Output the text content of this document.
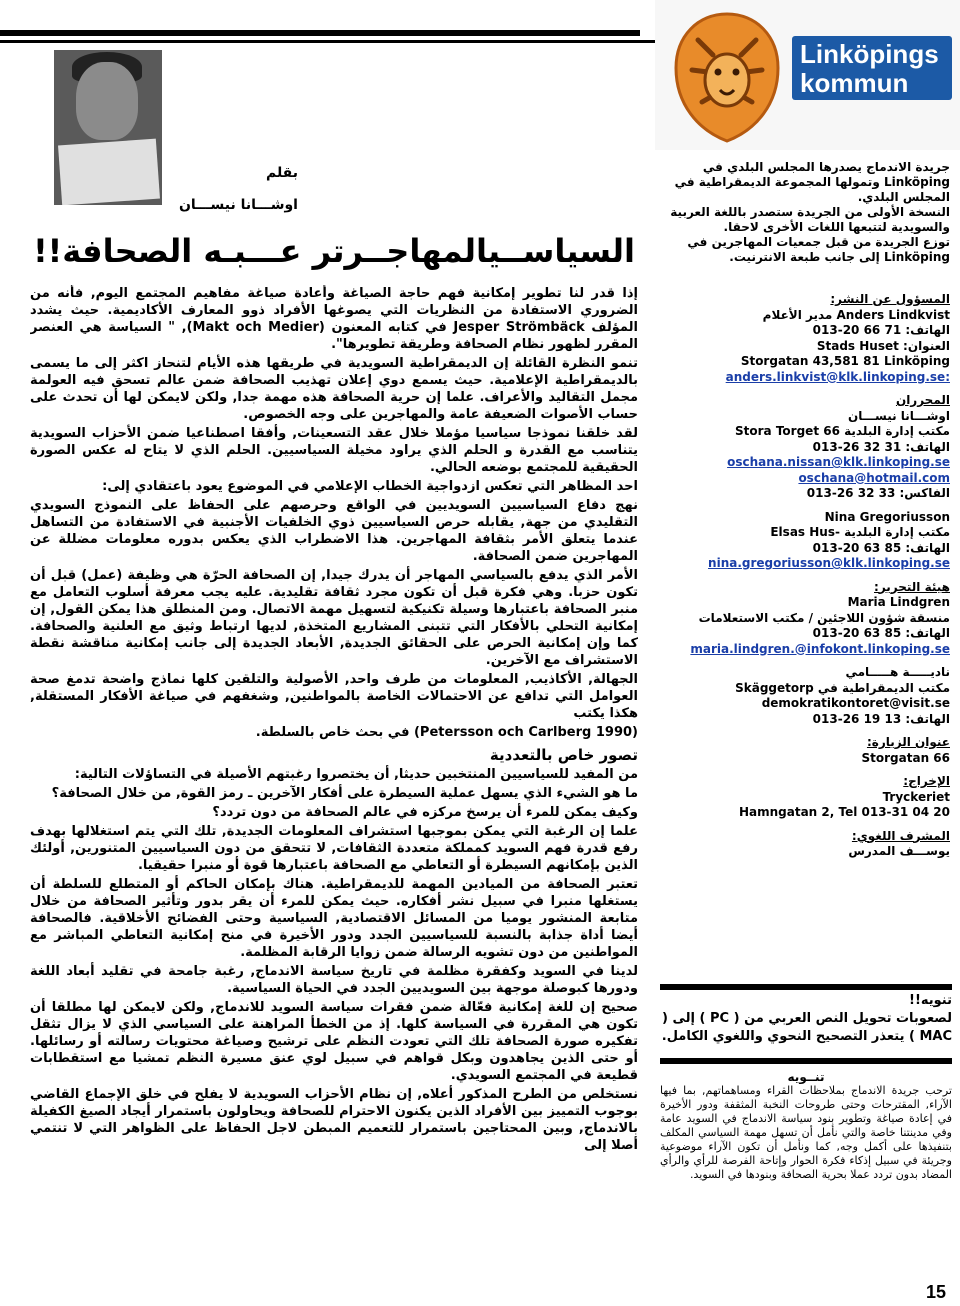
بقلم
اوشـــانا نيســـان
السياســيالمهاجــرتر عـــبـه الصحافة!!

إذا قدر لنا تطوير إمكانية فهم حاجة الصياغة وأعادة صياغة مفاهيم المجتمع اليوم, فأنه من الضروري الاستفادة من النظريات التي يصوغها الأفراد ذوو المعارف الأكاديمية. حيث يشدد المؤلف Jesper Strömbäck في كتابه المعنون (Makt och Medier), " السياسة هي العنصر المقرر لظهور نظام الصحافة وطريقة تطويرها".

تنمو النظرة القائلة إن الديمقراطية السويدية في طريقها هذه الأيام لتنحاز اكثر إلى ما يسمى بالديمقراطية الإعلامية. حيث يسمع دوي إعلان تهذيب الصحافة ضمن عالم تسحق فيه العولمة مجمل التقاليد والأعراف. علما إن حرية الصحافة هذه مهمة جدا, ولكن لايمكن لها أن تحدث على حساب الأصوات الضعيفة عامة والمهاجرين على وجه الخصوص.

لقد خلقنا نموذجا سياسيا مؤملا خلال عقد التسعينات, وأفقا اصطناعيا ضمن الأحزاب السويدية يتناسب مع القدرة و الحلم الذي يراود مخيلة السياسيين. الحلم الذي لا يتاح له عكس الصورة الحقيقية للمجتمع بوضعه الحالي.

احد المظاهر التي تعكس ازدواجية الخطاب الإعلامي في الموضوع يعود باعتقادي إلى:

نهج دفاع السياسيين السويديين في الواقع وحرصهم على الحفاظ على النموذج السويدي التقليدي من جهة, يقابله حرص السياسيين ذوي الخلفيات الأجنبية في الاستفادة من التساهل عندما يتعلق الأمر بثقافة المهاجرين. هذا الاضطراب الذي يعكس بدوره معلومات مضللة عن المهاجرين ضمن الصحافة.

الأمر الذي يدفع بالسياسي المهاجر أن يدرك جيدا, إن الصحافة الحرّة هي وظيفة (عمل) قبل أن تكون حزبا. وهي فكرة قبل أن تكون مجرد ثقافة تقليدية. عليه يجب معرفة أسلوب التعامل مع منبر الصحافة باعتبارها وسيلة تكنيكية لتسهيل مهمة الاتصال. ومن المنطلق هذا يمكن القول, إن إمكانية التحلي بالأفكار التي تتبنى المشاريع المتخذة, لديها ارتباط وثيق مع العلنية والصحافة. كما وإن إمكانية الحرص على الحقائق الجديدة, الأبعاد الجديدة إلى جانب إمكانية مناقشة نقطة الاستشراف مع الآخرين.

الجهالة, الأكاذيب, المعلومات من طرف واحد, الأصولية والتلقين كلها نماذج واضحة تدمغ صحة العوامل التي تدافع عن الاحتمالات الخاصة بالمواطنين, وشغفهم في صياغة الأفكار المستقلة, هكذا يكتب

(Petersson och Carlberg 1990) في بحث خاص بالسلطة.

تصور خاص بالتعددية

من المفيد للسياسيين المنتخبين حديثا, أن يختصروا رغبتهم الأصيلة في التساؤلات التالية:

ما هو الشيء الذي يسهل عملية السيطرة على أفكار الآخرين ـ رمز القوة, من خلال الصحافة؟

وكيف يمكن للمرء أن يرسخ مركزه في عالم الصحافة من دون تردد؟

علما إن الرغبة التي يمكن بموجبها استشراف المعلومات الجديدة, تلك التي يتم استغلالها بهدف رفع قدرة فهم السويد كمملكة متعددة الثقافات, لا تتحقق من دون السياسيين المتنورين, أولئك الذين بإمكانهم السيطرة أو التعاطي مع الصحافة باعتبارها قوة أو منبرا حقيقيا.

تعتبر الصحافة من الميادين المهمة للديمقراطية. هناك بإمكان الحاكم أو المتطلع للسلطة أن يستغلها منبرا في سبيل نشر أفكاره. حيث يمكن للمرء أن يقر بدور وتأثير الصحافة من خلال متابعة المنشور يوميا من المسائل الاقتصادية, السياسية وحتى الفضائح الأخلاقية. فالصحافة أيضا أداة جذابة بالنسبة للسياسيين الجدد ودور الأخيرة في منح إمكانية التعاطي المباشر مع المواطنين من دون تشويه الرسالة ضمن زوايا الرقابة المظلمة.

لدينا في السويد وكفقرة مظلمة في تاريخ سياسة الاندماج, رغبة جامحة في تقليد أبعاد اللغة ودورها كبوصلة موجهة بين السويديين الجدد في الحياة السياسية.

صحيح إن للغة إمكانية فعّالة ضمن فقرات سياسة السويد للاندماج, ولكن لايمكن لها مطلقا أن تكون هي المقررة في السياسة كلها. إذ من الخطأ المراهنة على السياسي الذي لا يزال تثقل تفكيره صورة الصحافة تلك التي تعودت النظم على ترشيح وصياغة محتويات رسالته أو رسائلها. أو حتى الذين يجاهدون وبكل قواهم في سبيل لوي عنق مسيرة النظم تمشيا مع استقطابات قطيعة في المجتمع السويدي.

نستخلص من الطرح المذكور أعلاه, إن نظام الأحزاب السويدية لا يفلح في خلق الإجماع القاضي بوجوب التمييز بين الأفراد الذين يكنون الاحترام للصحافة ويحاولون باستمرار أيجاد الصيغ الكفيلة بالاندماج, وبين المحتاجين باستمرار للتعميم المبطن لاجل الحفاظ على الظواهر التي لا تنتمي أصلا إلى

Linköpings
kommun
جريدة الاندماج يصدرها المجلس البلدي في Linköping وتمولها المجموعة الديمقراطية في المجلس البلدي.
النسخة الأولى من الجريدة ستصدر باللغة العربية والسويدية لتتبعها اللغات الأخرى لاحقا.
توزع الجريدة من قبل جمعيات المهاجرين في Linköping إلى جانب طبعة الانترنيت.
المسؤول عن النشر:
Anders Lindkvist مدير الأعلام
الهاتف: 71 66 20-013
العنوان: Stads Huset
Storgatan 43,581 81 Linköping
anders.linkvist@klk.linkoping.se:
المحرران
اوشـــانا نيســـان
مكتب إدارة البلدية Stora Torget 66
الهاتف: 31 32 26-013
oschana.nissan@klk.linkoping.se
oschana@hotmail.com
الفاكس: 33 32 26-013
Nina Gregoriusson
مكتب إدارة البلدية -Elsas Hus
الهاتف: 85 63 20-013
nina.gregoriusson@klk.linkoping.se
هيئة التحرير:
Maria Lindgren
منسقة شؤون اللاجئين / مكتب الاستعلامات
الهاتف: 85 63 20-013
maria.lindgren.@infokont.linkoping.se
ناديـــــة هـــــامي
مكتب الديمقراطية في Skäggetorp
demokratikontoret@visit.se
الهاتف: 13 19 26-013
عنوان الزيارة:
Storgatan 66
الإخراج:
Tryckeriet
Hamngatan 2, Tel 013-31 04 20
المشرف اللغوي:
يوســـف المدرس
تنويه!!
لصعوبات تحويل النص العربي من ( PC ) إلى ( MAC ) يتعذر التصحيح النحوي واللغوي الكامل.
تنــويه
ترحب جريدة الاندماج بملاحظات القراء ومساهماتهم, بما فيها الآراء, المقترحات وحتى طروحات النخبة المثقفة ودور الأخيرة في إعادة صياغة وتطوير بنود سياسة الاندماج في السويد عامة وفي مدينتنا خاصة والتي نأمل أن تسهل مهمة السياسي المكلف بتنفيذها على أكمل وجه, كما ونأمل أن تكون الآراء موضوعية وجريئة في سبيل إذكاء فكرة الحوار وإتاحة الفرصة للرأي والرأي المضاد بدون تردد عملا بحرية الصحافة وبنودها في السويد.
15
